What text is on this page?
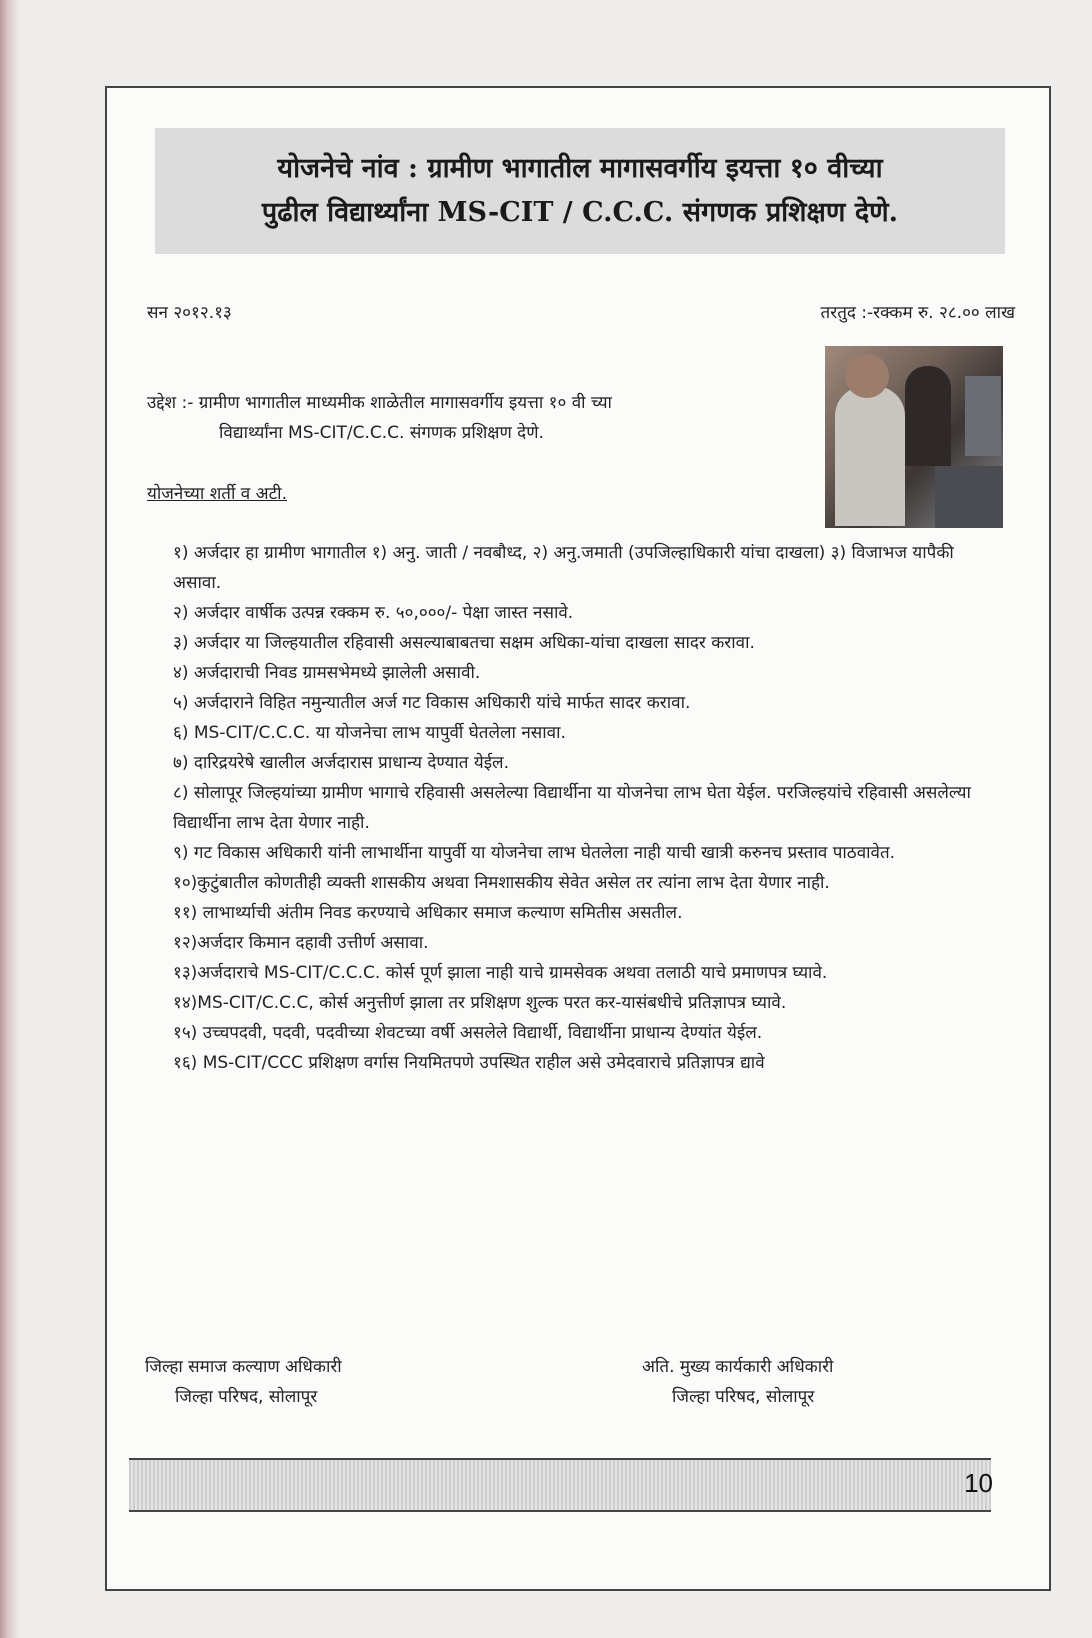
योजनेचे नांव : ग्रामीण भागातील मागासवर्गीय इयत्ता १० वीच्या
पुढील विद्यार्थ्यांना MS-CIT / C.C.C. संगणक प्रशिक्षण देणे.
सन २०१२.१३	तरतुद :-रक्कम रु. २८.०० लाख
उद्देश :- ग्रामीण भागातील माध्यमीक शाळेतील मागासवर्गीय इयत्ता १० वी च्या
विद्यार्थ्यांना MS-CIT/C.C.C. संगणक प्रशिक्षण देणे.
योजनेच्या शर्ती व अटी.
१) अर्जदार हा ग्रामीण भागातील १) अनु. जाती / नवबौध्द, २) अनु.जमाती (उपजिल्हाधिकारी यांचा दाखला) ३) विजाभज यापैकी असावा.
२) अर्जदार वार्षीक उत्पन्न रक्कम रु. ५०,०००/- पेक्षा जास्त नसावे.
३) अर्जदार या जिल्हयातील रहिवासी असल्याबाबतचा सक्षम अधिका-यांचा दाखला सादर करावा.
४) अर्जदाराची निवड ग्रामसभेमध्ये झालेली असावी.
५) अर्जदाराने विहित नमुन्यातील अर्ज गट विकास अधिकारी यांचे मार्फत सादर करावा.
६) MS-CIT/C.C.C. या योजनेचा लाभ यापुर्वी घेतलेला नसावा.
७) दारिद्रयरेषे खालील अर्जदारास प्राधान्य देण्यात येईल.
८) सोलापूर जिल्हयांच्या ग्रामीण भागाचे रहिवासी असलेल्या विद्यार्थीना या योजनेचा लाभ घेता येईल. परजिल्हयांचे रहिवासी असलेल्या विद्यार्थीना लाभ देता येणार नाही.
९) गट विकास अधिकारी यांनी लाभार्थीना यापुर्वी या योजनेचा लाभ घेतलेला नाही याची खात्री करुनच प्रस्ताव पाठवावेत.
१०)कुटुंबातील कोणतीही व्यक्ती शासकीय अथवा निमशासकीय सेवेत असेल तर त्यांना लाभ देता येणार नाही.
११) लाभार्थ्याची अंतीम निवड करण्याचे अधिकार समाज कल्याण समितीस असतील.
१२)अर्जदार किमान दहावी उत्तीर्ण असावा.
१३)अर्जदाराचे MS-CIT/C.C.C. कोर्स पूर्ण झाला नाही याचे ग्रामसेवक अथवा तलाठी याचे प्रमाणपत्र घ्यावे.
१४)MS-CIT/C.C.C, कोर्स अनुत्तीर्ण झाला तर प्रशिक्षण शुल्क परत कर-यासंबधीचे प्रतिज्ञापत्र घ्यावे.
१५) उच्चपदवी, पदवी, पदवीच्या शेवटच्या वर्षी असलेले विद्यार्थी, विद्यार्थीना प्राधान्य देण्यांत येईल.
१६) MS-CIT/CCC प्रशिक्षण वर्गास नियमितपणे उपस्थित राहील असे उमेदवाराचे प्रतिज्ञापत्र द्यावे
जिल्हा समाज कल्याण अधिकारी
जिल्हा परिषद, सोलापूर
अति. मुख्य कार्यकारी अधिकारी
जिल्हा परिषद, सोलापूर
10
